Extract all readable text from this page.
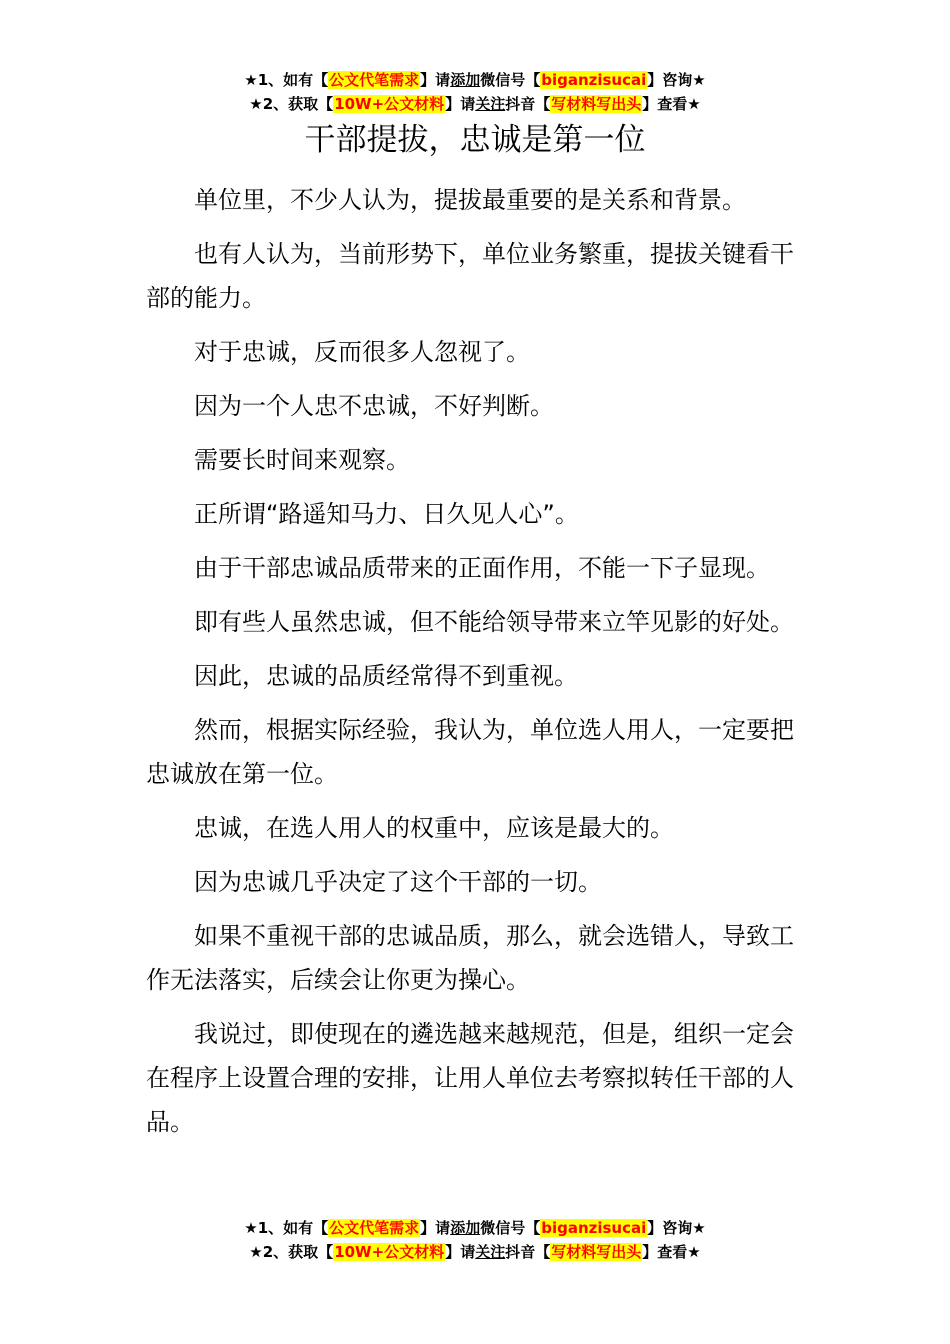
★1、如有【公文代笔需求】请添加微信号【biganzisucai】咨询★
★2、获取【10W+公文材料】请关注抖音【写材料写出头】查看★
干部提拔，忠诚是第一位

单位里，不少人认为，提拔最重要的是关系和背景。

也有人认为，当前形势下，单位业务繁重，提拔关键看干部的能力。

对于忠诚，反而很多人忽视了。

因为一个人忠不忠诚，不好判断。

需要长时间来观察。

正所谓“路遥知马力、日久见人心”。

由于干部忠诚品质带来的正面作用，不能一下子显现。

即有些人虽然忠诚，但不能给领导带来立竿见影的好处。

因此，忠诚的品质经常得不到重视。

然而，根据实际经验，我认为，单位选人用人，一定要把忠诚放在第一位。

忠诚，在选人用人的权重中，应该是最大的。

因为忠诚几乎决定了这个干部的一切。

如果不重视干部的忠诚品质，那么，就会选错人，导致工作无法落实，后续会让你更为操心。

我说过，即使现在的遴选越来越规范，但是，组织一定会在程序上设置合理的安排，让用人单位去考察拟转任干部的人品。

★1、如有【公文代笔需求】请添加微信号【biganzisucai】咨询★
★2、获取【10W+公文材料】请关注抖音【写材料写出头】查看★
